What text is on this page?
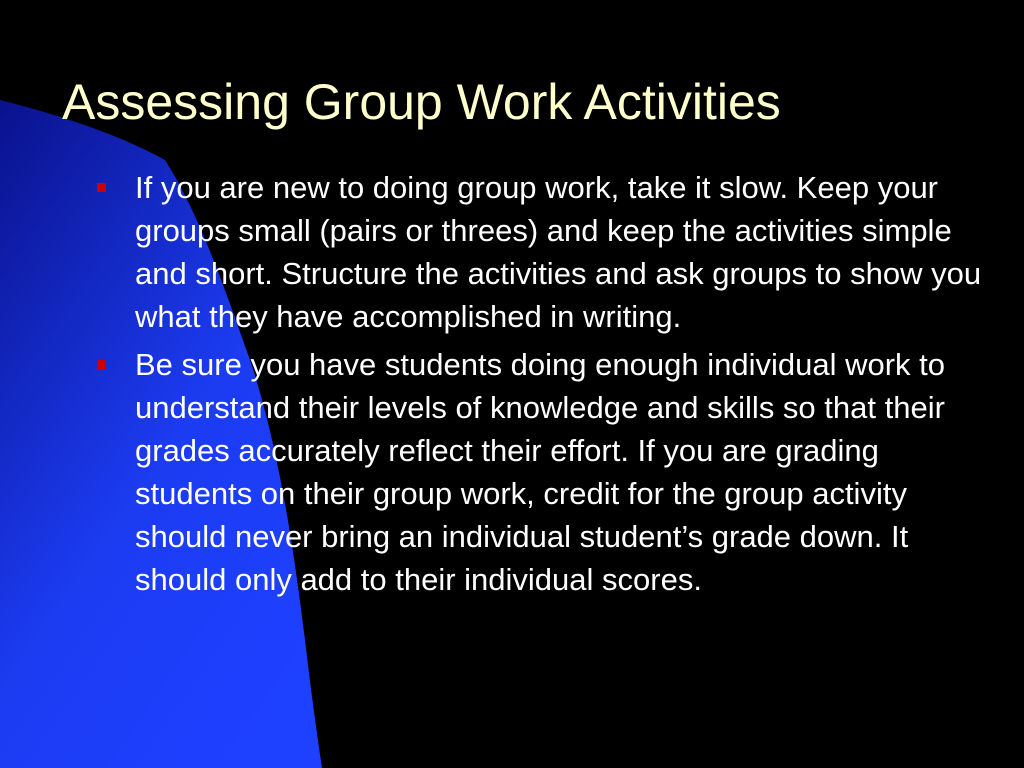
Assessing Group Work Activities
If you are new to doing group work, take it slow. Keep your groups small (pairs or threes) and keep the activities simple and short. Structure the activities and ask groups to show you what they have accomplished in writing.
Be sure you have students doing enough individual work to understand their levels of knowledge and skills so that their grades accurately reflect their effort. If you are grading students on their group work, credit for the group activity should never bring an individual student’s grade down. It should only add to their individual scores.
